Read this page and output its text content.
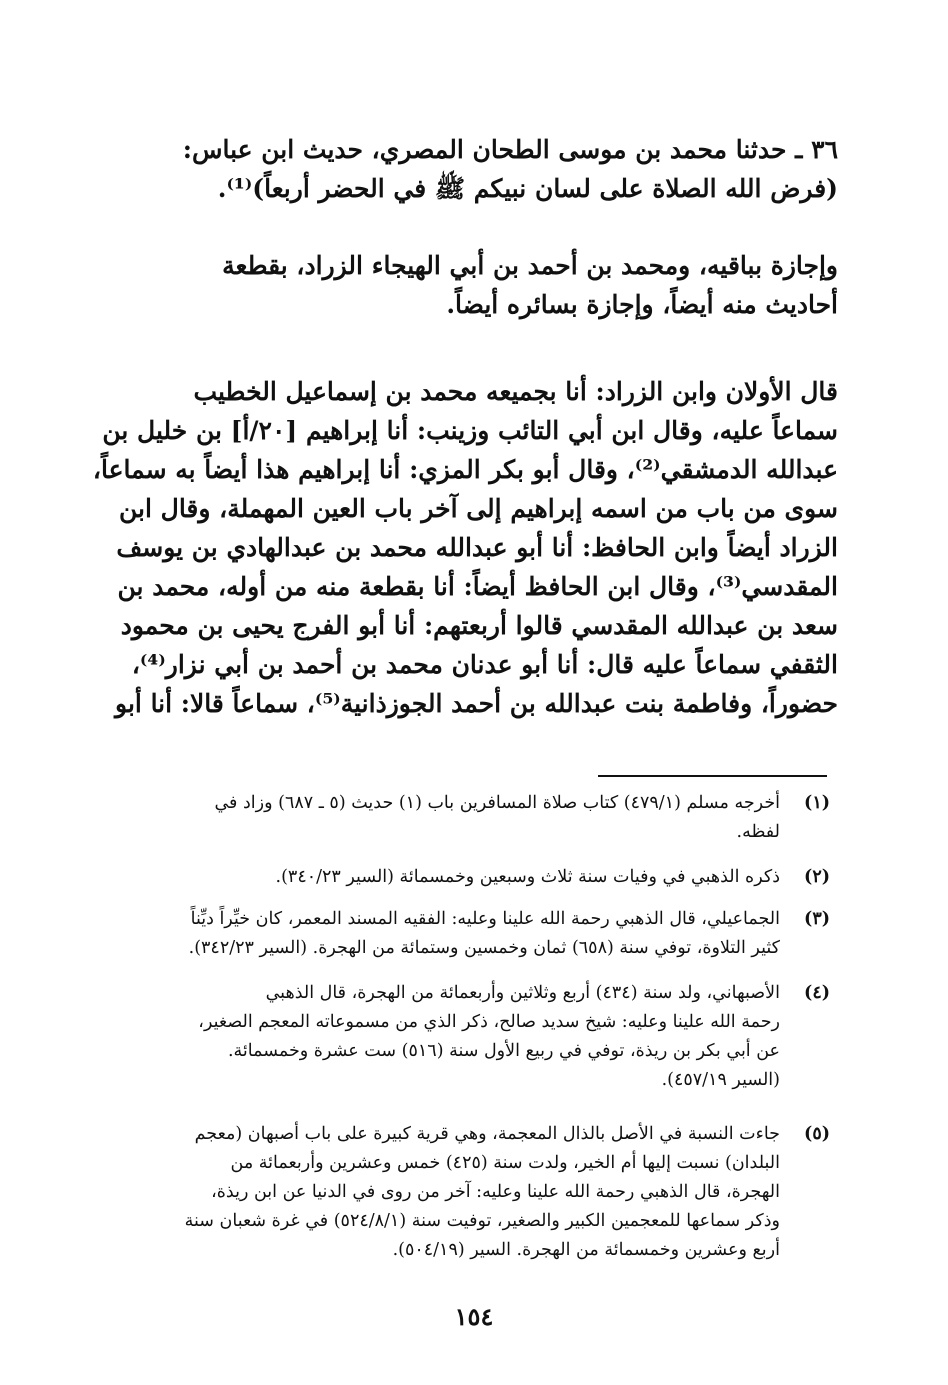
٣٦ ـ حدثنا محمد بن موسى الطحان المصري، حديث ابن عباس:
(فرض الله الصلاة على لسان نبيكم ﷺ في الحضر أربعاً)⁽¹⁾.
وإجازة بباقيه، ومحمد بن أحمد بن أبي الهيجاء الزراد، بقطعة
أحاديث منه أيضاً، وإجازة بسائره أيضاً.
قال الأولان وابن الزراد: أنا بجميعه محمد بن إسماعيل الخطيب
سماعاً عليه، وقال ابن أبي التائب وزينب: أنا إبراهيم [٢٠/أ] بن خليل بن
عبدالله الدمشقي⁽²⁾، وقال أبو بكر المزي: أنا إبراهيم هذا أيضاً به سماعاً،
سوى من باب من اسمه إبراهيم إلى آخر باب العين المهملة، وقال ابن
الزراد أيضاً وابن الحافظ: أنا أبو عبدالله محمد بن عبدالهادي بن يوسف
المقدسي⁽³⁾، وقال ابن الحافظ أيضاً: أنا بقطعة منه من أوله، محمد بن
سعد بن عبدالله المقدسي قالوا أربعتهم: أنا أبو الفرج يحيى بن محمود
الثقفي سماعاً عليه قال: أنا أبو عدنان محمد بن أحمد بن أبي نزار⁽⁴⁾،
حضوراً، وفاطمة بنت عبدالله بن أحمد الجوزذانية⁽⁵⁾، سماعاً قالا: أنا أبو
(١)
أخرجه مسلم (٤٧٩/١) كتاب صلاة المسافرين باب (١) حديث (٥ ـ ٦٨٧) وزاد في
لفظه.
(٢)
ذكره الذهبي في وفيات سنة ثلاث وسبعين وخمسمائة (السير ٣٤٠/٢٣).
(٣)
الجماعيلي، قال الذهبي رحمة الله علينا وعليه: الفقيه المسند المعمر، كان خيِّراً ديِّناً
كثير التلاوة، توفي سنة (٦٥٨) ثمان وخمسين وستمائة من الهجرة. (السير ٣٤٢/٢٣).
(٤)
الأصبهاني، ولد سنة (٤٣٤) أربع وثلاثين وأربعمائة من الهجرة، قال الذهبي
رحمة الله علينا وعليه: شيخ سديد صالح، ذكر الذي من مسموعاته المعجم الصغير،
عن أبي بكر بن ريذة، توفي في ربيع الأول سنة (٥١٦) ست عشرة وخمسمائة.
(السير ٤٥٧/١٩).
(٥)
جاءت النسبة في الأصل بالذال المعجمة، وهي قرية كبيرة على باب أصبهان (معجم
البلدان) نسبت إليها أم الخير، ولدت سنة (٤٢٥) خمس وعشرين وأربعمائة من
الهجرة، قال الذهبي رحمة الله علينا وعليه: آخر من روى في الدنيا عن ابن ريذة،
وذكر سماعها للمعجمين الكبير والصغير، توفيت سنة (٥٢٤/٨/١) في غرة شعبان سنة
أربع وعشرين وخمسمائة من الهجرة. السير (٥٠٤/١٩).
١٥٤
